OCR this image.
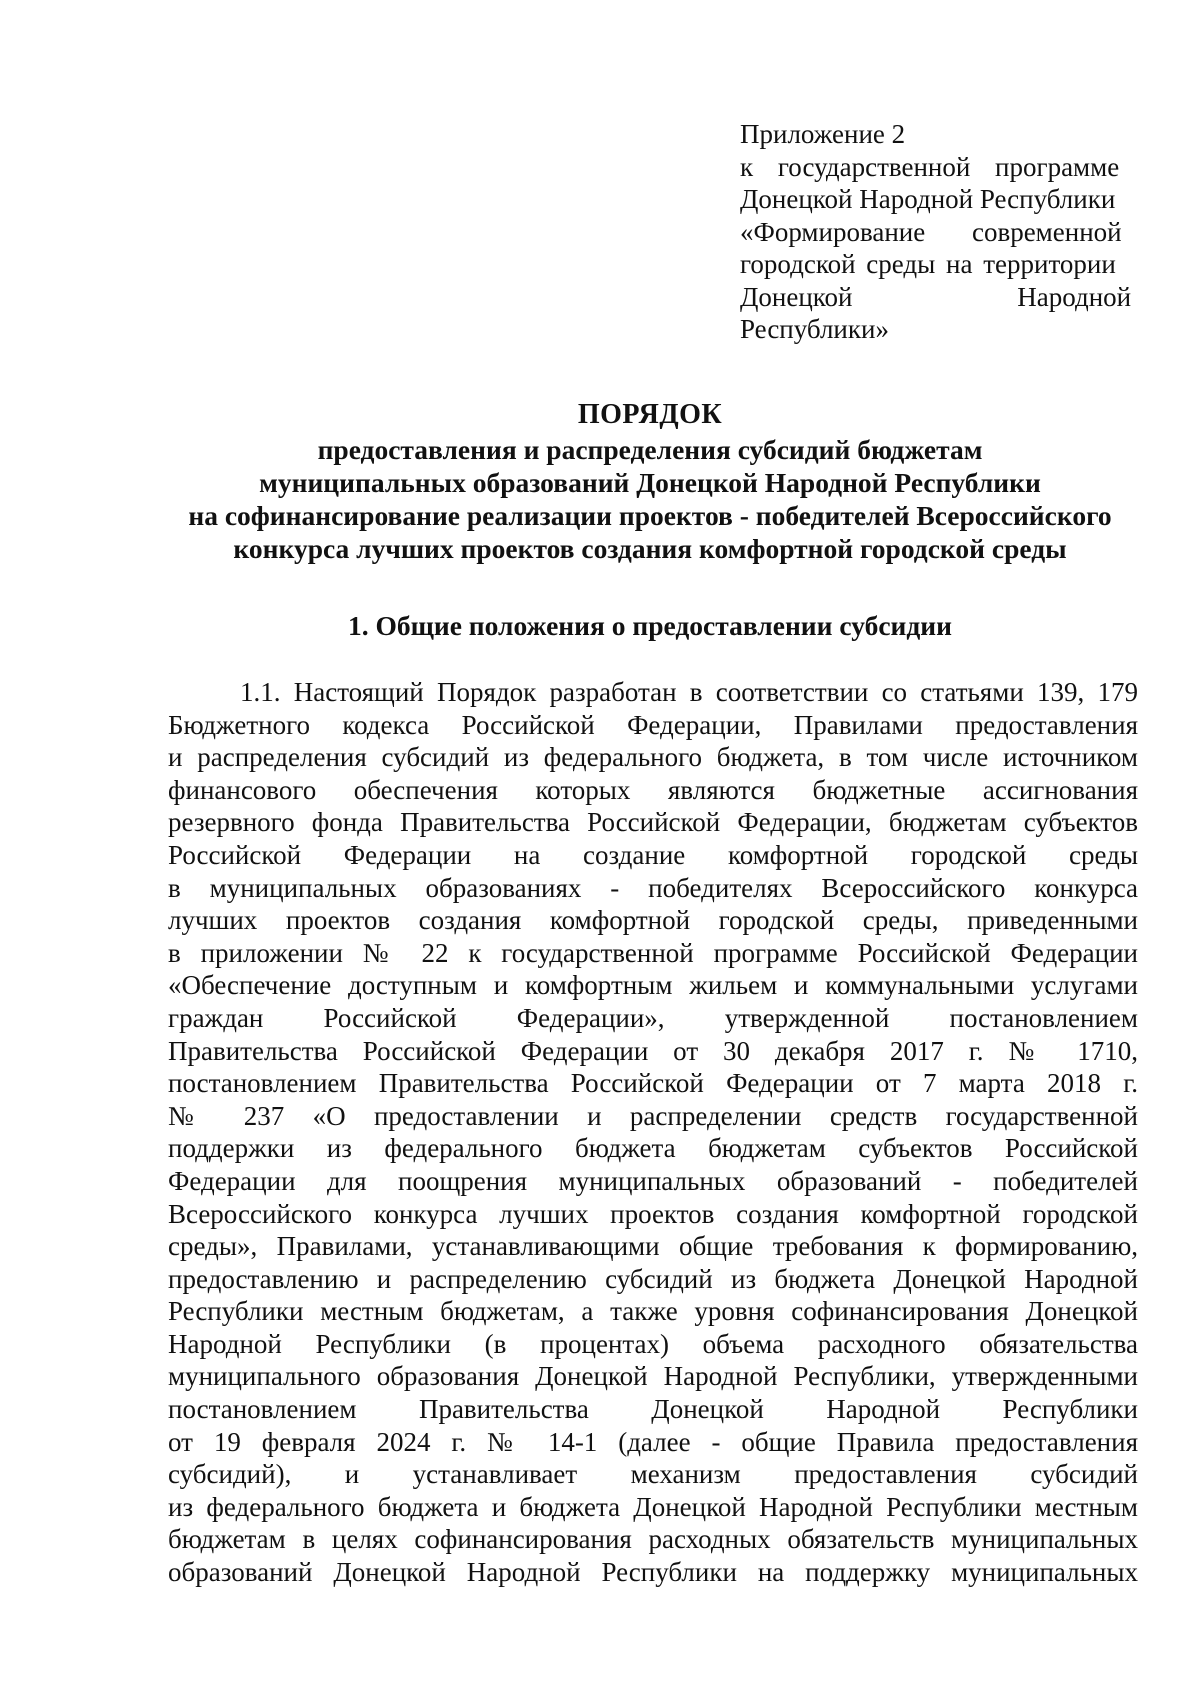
Приложение 2
к государственной программе
Донецкой Народной Республики
«Формирование современной
городской среды на территории
Донецкой Народной
Республики»
ПОРЯДОК
предоставления и распределения субсидий бюджетам
муниципальных образований Донецкой Народной Республики
на софинансирование реализации проектов - победителей Всероссийского
конкурса лучших проектов создания комфортной городской среды
1. Общие положения о предоставлении субсидии
1.1. Настоящий Порядок разработан в соответствии со статьями 139, 179
Бюджетного кодекса Российской Федерации, Правилами предоставления
и распределения субсидий из федерального бюджета, в том числе источником
финансового обеспечения которых являются бюджетные ассигнования
резервного фонда Правительства Российской Федерации, бюджетам субъектов
Российской Федерации на создание комфортной городской среды
в муниципальных образованиях - победителях Всероссийского конкурса
лучших проектов создания комфортной городской среды, приведенными
в приложении № 22 к государственной программе Российской Федерации
«Обеспечение доступным и комфортным жильем и коммунальными услугами
граждан Российской Федерации», утвержденной постановлением
Правительства Российской Федерации от 30 декабря 2017 г. № 1710,
постановлением Правительства Российской Федерации от 7 марта 2018 г.
№ 237 «О предоставлении и распределении средств государственной
поддержки из федерального бюджета бюджетам субъектов Российской
Федерации для поощрения муниципальных образований - победителей
Всероссийского конкурса лучших проектов создания комфортной городской
среды», Правилами, устанавливающими общие требования к формированию,
предоставлению и распределению субсидий из бюджета Донецкой Народной
Республики местным бюджетам, а также уровня софинансирования Донецкой
Народной Республики (в процентах) объема расходного обязательства
муниципального образования Донецкой Народной Республики, утвержденными
постановлением Правительства Донецкой Народной Республики
от 19 февраля 2024 г. № 14-1 (далее - общие Правила предоставления
субсидий), и устанавливает механизм предоставления субсидий
из федерального бюджета и бюджета Донецкой Народной Республики местным
бюджетам в целях софинансирования расходных обязательств муниципальных
образований Донецкой Народной Республики на поддержку муниципальных
